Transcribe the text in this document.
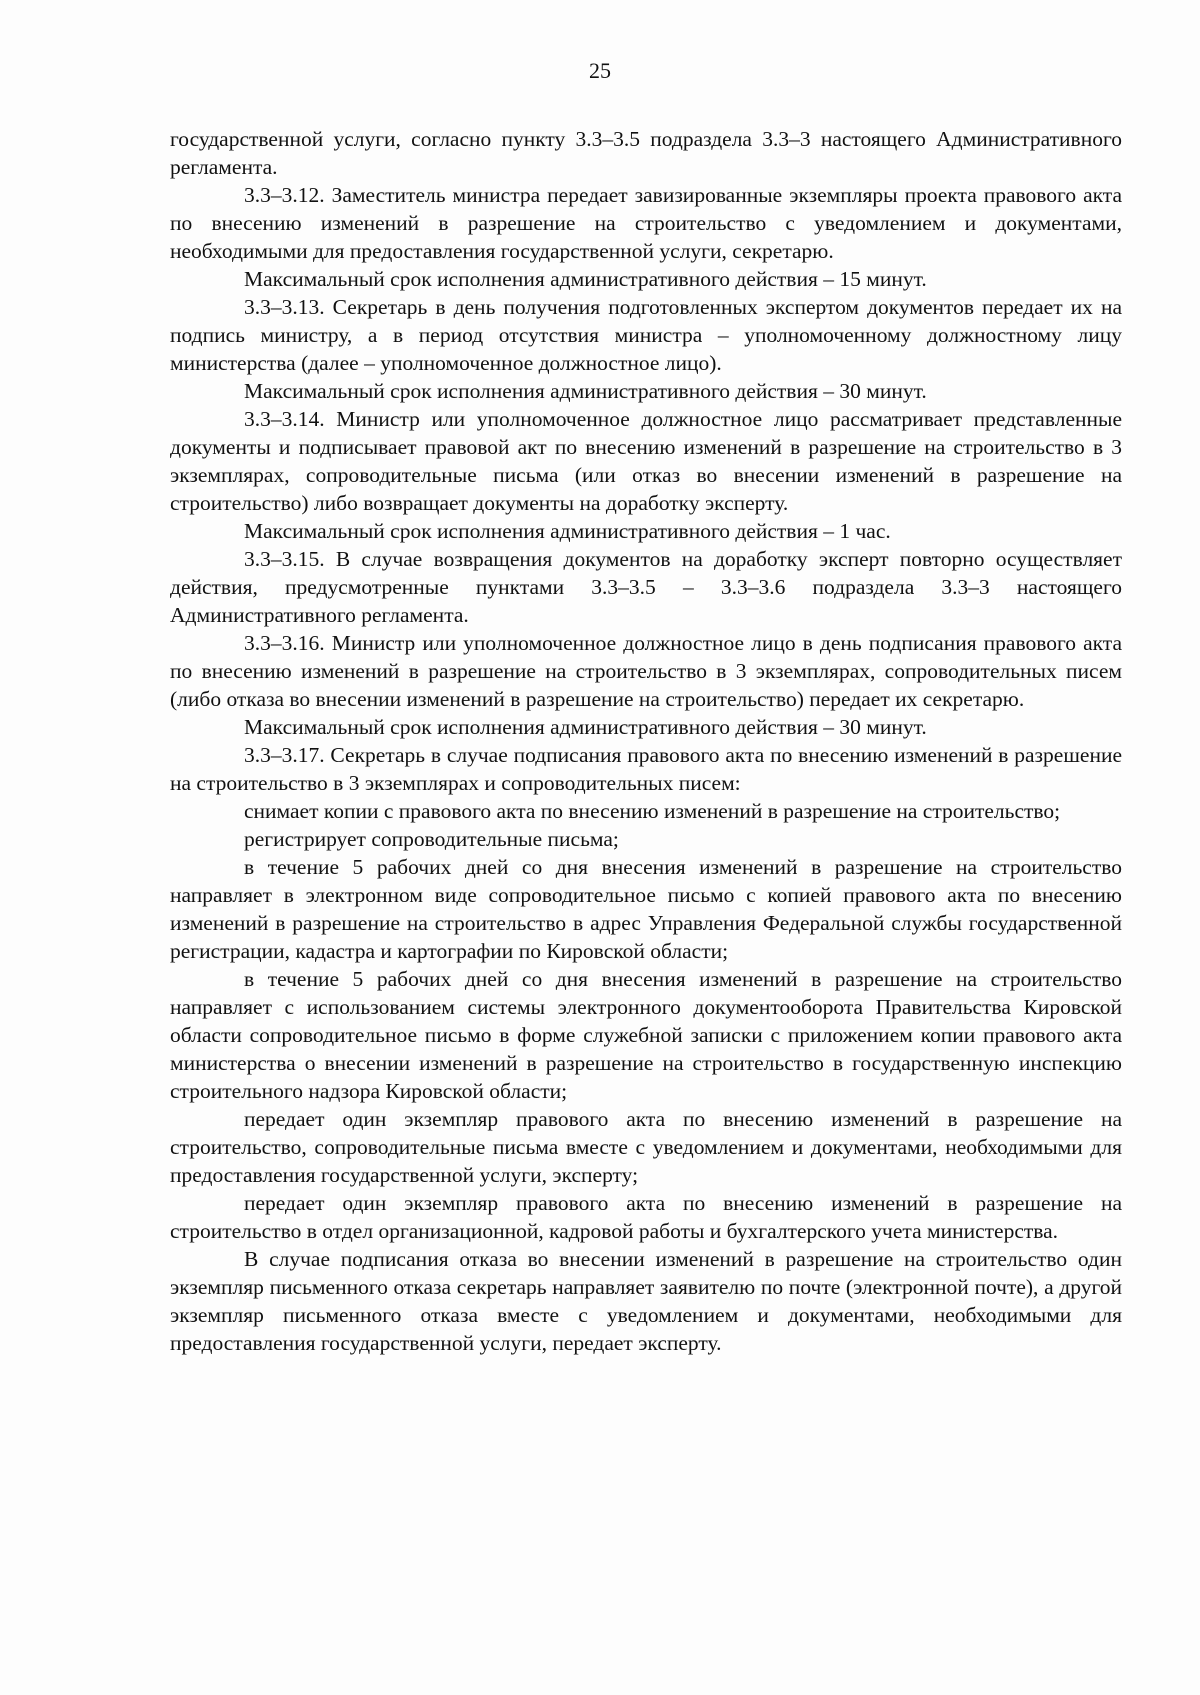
25

государственной услуги, согласно пункту 3.3–3.5 подраздела 3.3–3 настоящего Административного регламента.

3.3–3.12. Заместитель министра передает завизированные экземпляры проекта правового акта по внесению изменений в разрешение на строительство с уведомлением и документами, необходимыми для предоставления государственной услуги, секретарю.

Максимальный срок исполнения административного действия – 15 минут.

3.3–3.13. Секретарь в день получения подготовленных экспертом документов передает их на подпись министру, а в период отсутствия министра – уполномоченному должностному лицу министерства (далее – уполномоченное должностное лицо).

Максимальный срок исполнения административного действия – 30 минут.

3.3–3.14. Министр или уполномоченное должностное лицо рассматривает представленные документы и подписывает правовой акт по внесению изменений в разрешение на строительство в 3 экземплярах, сопроводительные письма (или отказ во внесении изменений в разрешение на строительство) либо возвращает документы на доработку эксперту.

Максимальный срок исполнения административного действия – 1 час.

3.3–3.15. В случае возвращения документов на доработку эксперт повторно осуществляет действия, предусмотренные пунктами 3.3–3.5 – 3.3–3.6 подраздела 3.3–3 настоящего Административного регламента.

3.3–3.16. Министр или уполномоченное должностное лицо в день подписания правового акта по внесению изменений в разрешение на строительство в 3 экземплярах, сопроводительных писем (либо отказа во внесении изменений в разрешение на строительство) передает их секретарю.

Максимальный срок исполнения административного действия – 30 минут.

3.3–3.17. Секретарь в случае подписания правового акта по внесению изменений в разрешение на строительство в 3 экземплярах и сопроводительных писем:

снимает копии с правового акта по внесению изменений в разрешение на строительство;

регистрирует сопроводительные письма;

в течение 5 рабочих дней со дня внесения изменений в разрешение на строительство направляет в электронном виде сопроводительное письмо с копией правового акта по внесению изменений в разрешение на строительство в адрес Управления Федеральной службы государственной регистрации, кадастра и картографии по Кировской области;

в течение 5 рабочих дней со дня внесения изменений в разрешение на строительство направляет с использованием системы электронного документооборота Правительства Кировской области сопроводительное письмо в форме служебной записки с приложением копии правового акта министерства о внесении изменений в разрешение на строительство в государственную инспекцию строительного надзора Кировской области;

передает один экземпляр правового акта по внесению изменений в разрешение на строительство, сопроводительные письма вместе с уведомлением и документами, необходимыми для предоставления государственной услуги, эксперту;

передает один экземпляр правового акта по внесению изменений в разрешение на строительство в отдел организационной, кадровой работы и бухгалтерского учета министерства.

В случае подписания отказа во внесении изменений в разрешение на строительство один экземпляр письменного отказа секретарь направляет заявителю по почте (электронной почте), а другой экземпляр письменного отказа вместе с уведомлением и документами, необходимыми для предоставления государственной услуги, передает эксперту.
